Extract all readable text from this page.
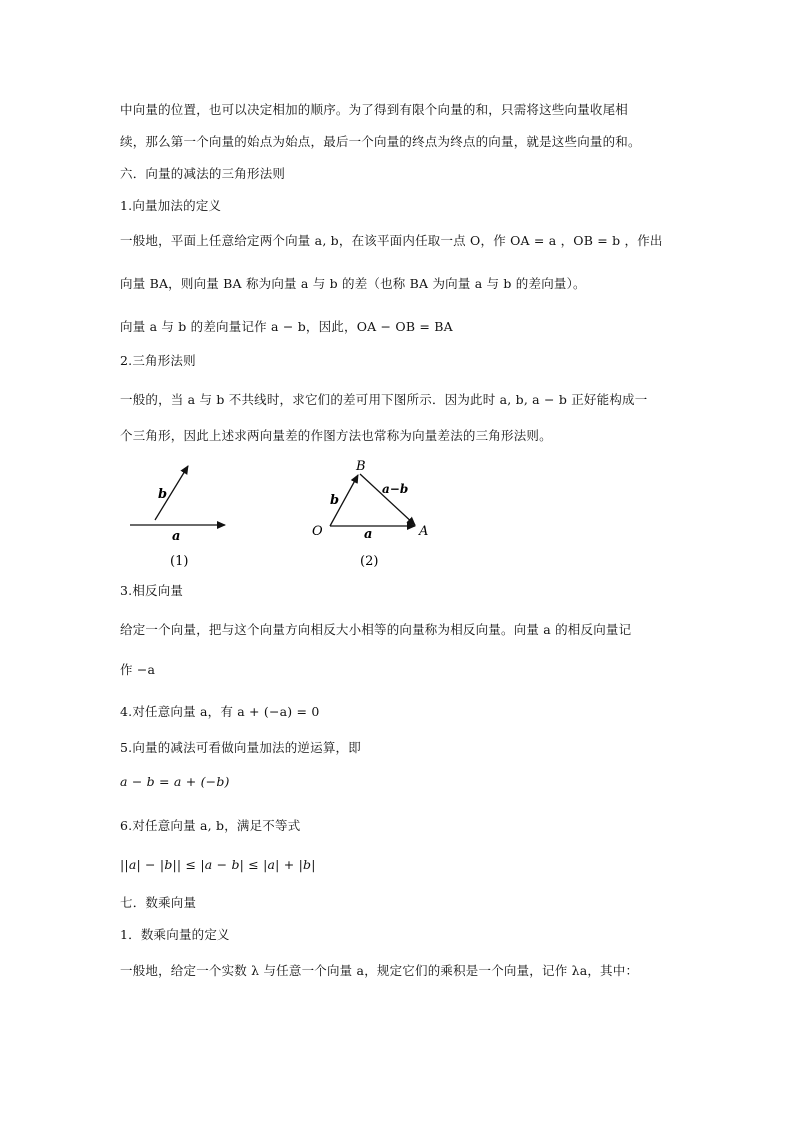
中向量的位置，也可以决定相加的顺序。为了得到有限个向量的和，只需将这些向量收尾相
续，那么第一个向量的始点为始点，最后一个向量的终点为终点的向量，就是这些向量的和。
六．向量的减法的三角形法则
1.向量加法的定义
一般地，平面上任意给定两个向量 a, b，在该平面内任取一点 O，作 OA = a ，OB = b ，作出
向量 BA，则向量 BA 称为向量 a 与 b 的差（也称 BA 为向量 a 与 b 的差向量）。
向量 a 与 b 的差向量记作 a − b，因此，OA − OB = BA
2.三角形法则
一般的，当 a 与 b 不共线时，求它们的差可用下图所示．因为此时 a, b, a − b 正好能构成一
个三角形，因此上述求两向量差的作图方法也常称为向量差法的三角形法则。
b
a
(1)
B
O	A
b
a
a−b
(2)
3.相反向量
给定一个向量，把与这个向量方向相反大小相等的向量称为相反向量。向量 a 的相反向量记
作 −a
4.对任意向量 a，有 a + (−a) = 0
5.向量的减法可看做向量加法的逆运算，即
a − b = a + (−b)
6.对任意向量 a, b，满足不等式
||a| − |b|| ≤ |a − b| ≤ |a| + |b|
七．数乘向量
1．数乘向量的定义
一般地，给定一个实数 λ 与任意一个向量 a，规定它们的乘积是一个向量，记作 λa，其中：
